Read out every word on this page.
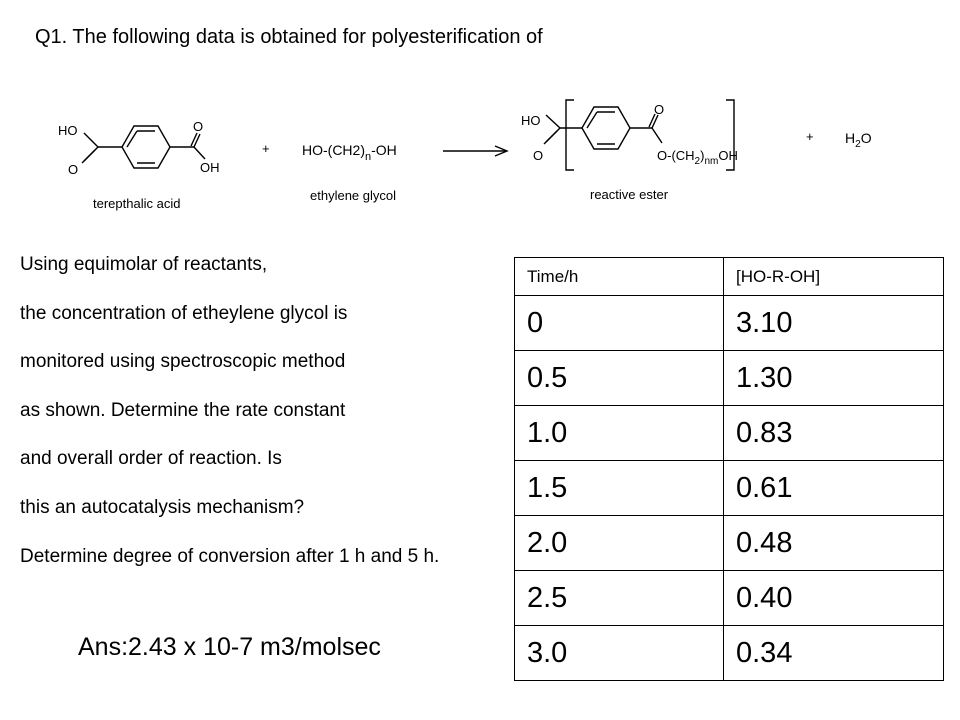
Q1. The following data is obtained for polyesterification of
HO	O
O	OH
terepthalic acid
+ $HO-(CH2)_n-OH$
ethylene glycol
HO
O
O
$O-(CH_2)_nmOH$
reactive ester
+ $H_2O$
Using equimolar of reactants,
the concentration of etheylene glycol is
monitored using spectroscopic method
as shown. Determine the rate constant
and overall order of reaction. Is
this an autocatalysis mechanism?
Determine degree of conversion after 1 h and 5 h.
Ans:2.43 x 10-7 m3/molsec
Time/h	[HO-R-OH]
0	3.10
0.5	1.30
1.0	0.83
1.5	0.61
2.0	0.48
2.5	0.40
3.0	0.34
